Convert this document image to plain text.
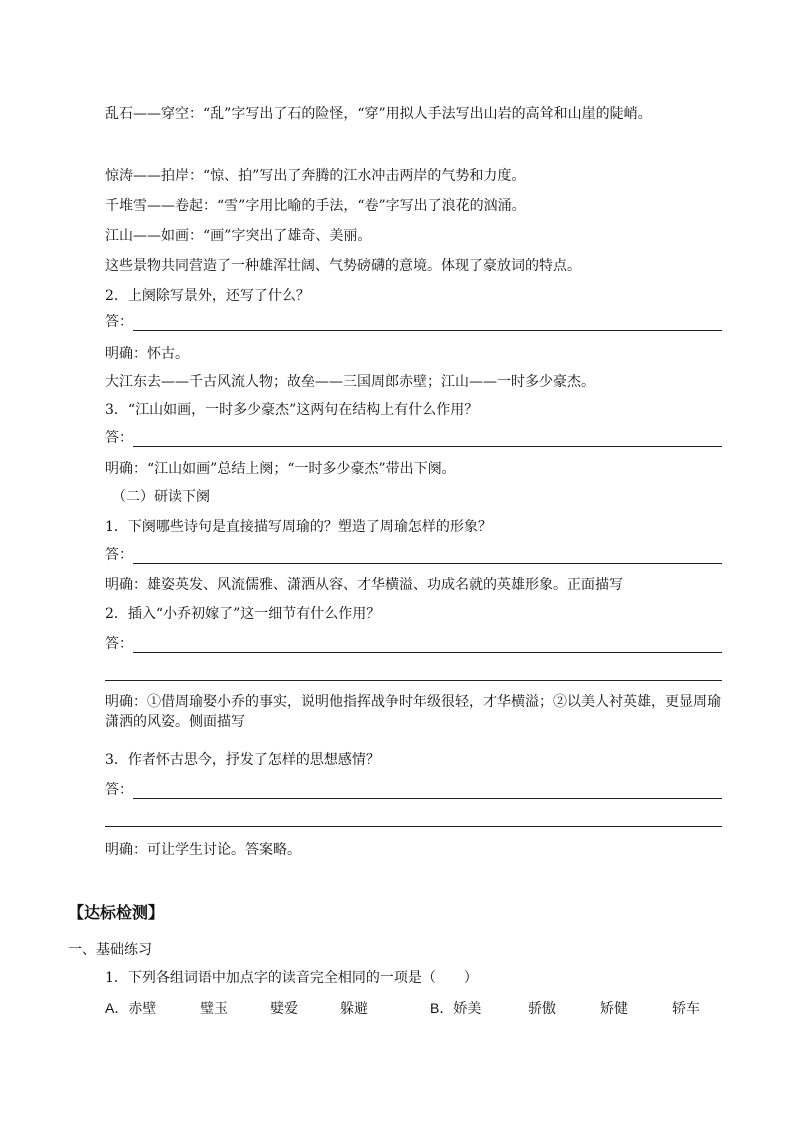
乱石——穿空：“乱”字写出了石的险怪，“穿”用拟人手法写出山岩的高耸和山崖的陡峭。
惊涛——拍岸：“惊、拍”写出了奔腾的江水冲击两岸的气势和力度。
千堆雪——卷起：“雪”字用比喻的手法，“卷”字写出了浪花的汹涌。
江山——如画：“画”字突出了雄奇、美丽。
这些景物共同营造了一种雄浑壮阔、气势磅礴的意境。体现了豪放词的特点。
2．上阕除写景外，还写了什么？
答：
明确：怀古。
大江东去——千古风流人物；故垒——三国周郎赤壁；江山——一时多少豪杰。
3．“江山如画，一时多少豪杰”这两句在结构上有什么作用？
答：
明确：“江山如画”总结上阕；“一时多少豪杰”带出下阕。
（二）研读下阕
1．下阕哪些诗句是直接描写周瑜的？塑造了周瑜怎样的形象？
答：
明确：雄姿英发、风流儒雅、潇洒从容、才华横溢、功成名就的英雄形象。正面描写
2．插入“小乔初嫁了”这一细节有什么作用？
答：
明确：①借周瑜娶小乔的事实，说明他指挥战争时年级很轻，才华横溢；②以美人衬英雄，更显周瑜潇洒的风姿。侧面描写
3．作者怀古思今，抒发了怎样的思想感情？
答：
明确：可让学生讨论。答案略。
【达标检测】
一、基础练习
1．下列各组词语中加点字的读音完全相同的一项是（　　）
A．赤壁	璧玉	嬖爱	躲避	B．娇美	骄傲	矫健	轿车
